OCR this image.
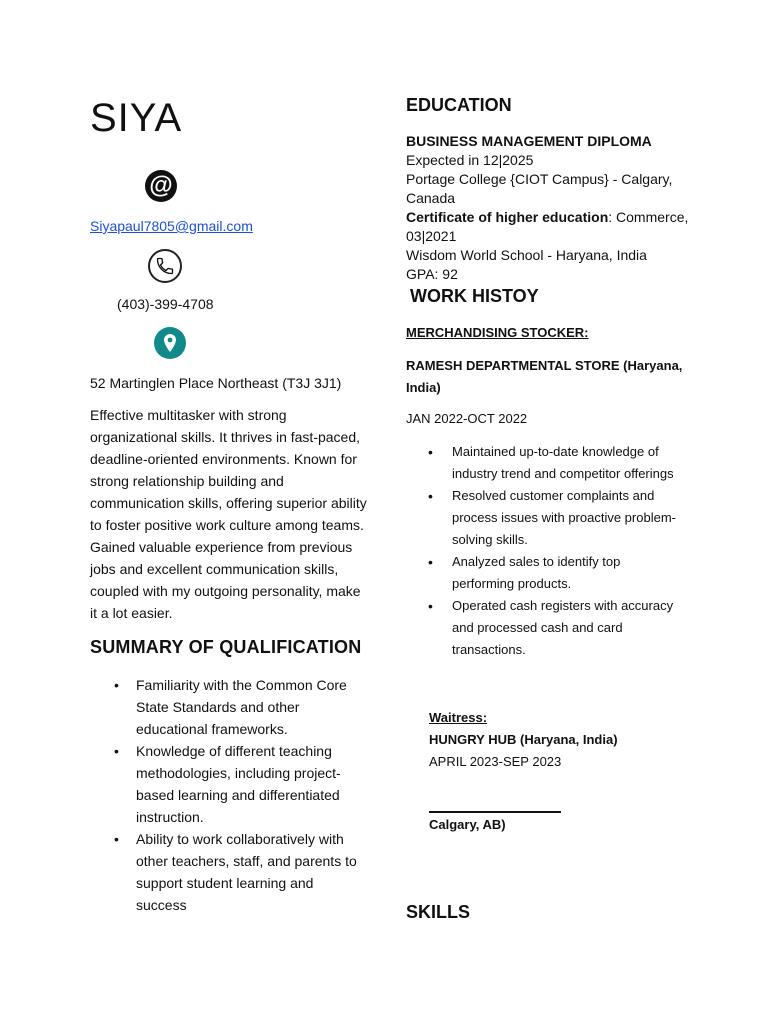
SIYA
@
Siyapaul7805@gmail.com
(403)-399-4708
52 Martinglen Place Northeast (T3J 3J1)
Effective multitasker with strong organizational skills. It thrives in fast-paced, deadline-oriented environments. Known for strong relationship building and communication skills, offering superior ability to foster positive work culture among teams. Gained valuable experience from previous jobs and excellent communication skills, coupled with my outgoing personality, make it a lot easier.
SUMMARY OF QUALIFICATION
• Familiarity with the Common Core State Standards and other educational frameworks.
• Knowledge of different teaching methodologies, including project-based learning and differentiated instruction.
• Ability to work collaboratively with other teachers, staff, and parents to support student learning and success
EDUCATION
BUSINESS MANAGEMENT DIPLOMA
Expected in 12|2025
Portage College {CIOT Campus} - Calgary, Canada
Certificate of higher education: Commerce, 03|2021
Wisdom World School - Haryana, India
GPA: 92
WORK HISTOY
MERCHANDISING STOCKER:
RAMESH DEPARTMENTAL STORE (Haryana, India)
JAN 2022-OCT 2022
• Maintained up-to-date knowledge of industry trend and competitor offerings
• Resolved customer complaints and process issues with proactive problem-solving skills.
• Analyzed sales to identify top performing products.
• Operated cash registers with accuracy and processed cash and card transactions.
Waitress:
HUNGRY HUB (Haryana, India)
APRIL 2023-SEP 2023
Calgary, AB)
SKILLS
